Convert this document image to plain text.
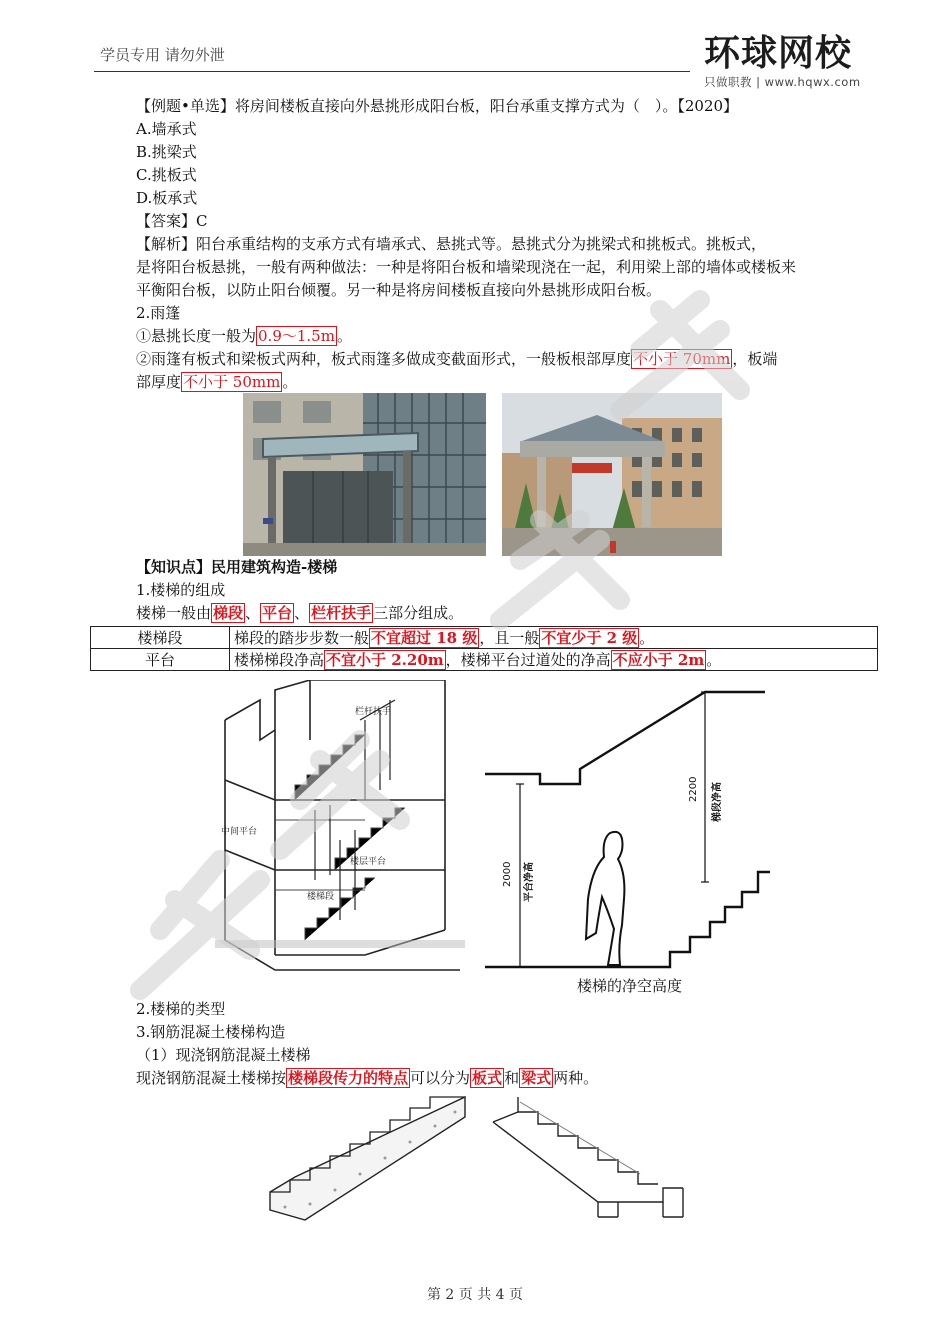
学员专用 请勿外泄	环球网校
只做职教 | www.hqwx.com
【例题•单选】将房间楼板直接向外悬挑形成阳台板，阳台承重支撑方式为（　）。【2020】
A.墙承式
B.挑梁式
C.挑板式
D.板承式
【答案】C
【解析】阳台承重结构的支承方式有墙承式、悬挑式等。悬挑式分为挑梁式和挑板式。挑板式，
是将阳台板悬挑，一般有两种做法：一种是将阳台板和墙梁现浇在一起，利用梁上部的墙体或楼板来
平衡阳台板，以防止阳台倾覆。另一种是将房间楼板直接向外悬挑形成阳台板。
2.雨篷
①悬挑长度一般为 0.9～1.5m 。
②雨篷有板式和梁板式两种，板式雨篷多做成变截面形式，一般板根部厚度 不小于 70mm ，板端
部厚度 不小于 50mm 。
【知识点】民用建筑构造-楼梯
1.楼梯的组成
楼梯一般由 梯段 、 平台 、 栏杆扶手 三部分组成。
楼梯段	梯段的踏步步数一般 不宜超过 18 级 ，且一般 不宜少于 2 级 。
平台	楼梯梯段净高 不宜小于 2.20m ，楼梯平台过道处的净高 不应小于 2m 。
栏杆扶手
中间平台
楼层平台
楼梯段
2000 平台净高
2200 梯段净高
楼梯的净空高度
2.楼梯的类型
3.钢筋混凝土楼梯构造
（1）现浇钢筋混凝土楼梯
现浇钢筋混凝土楼梯按 楼梯段传力的特点 可以分为 板式 和 梁式 两种。
第 2 页 共 4 页
